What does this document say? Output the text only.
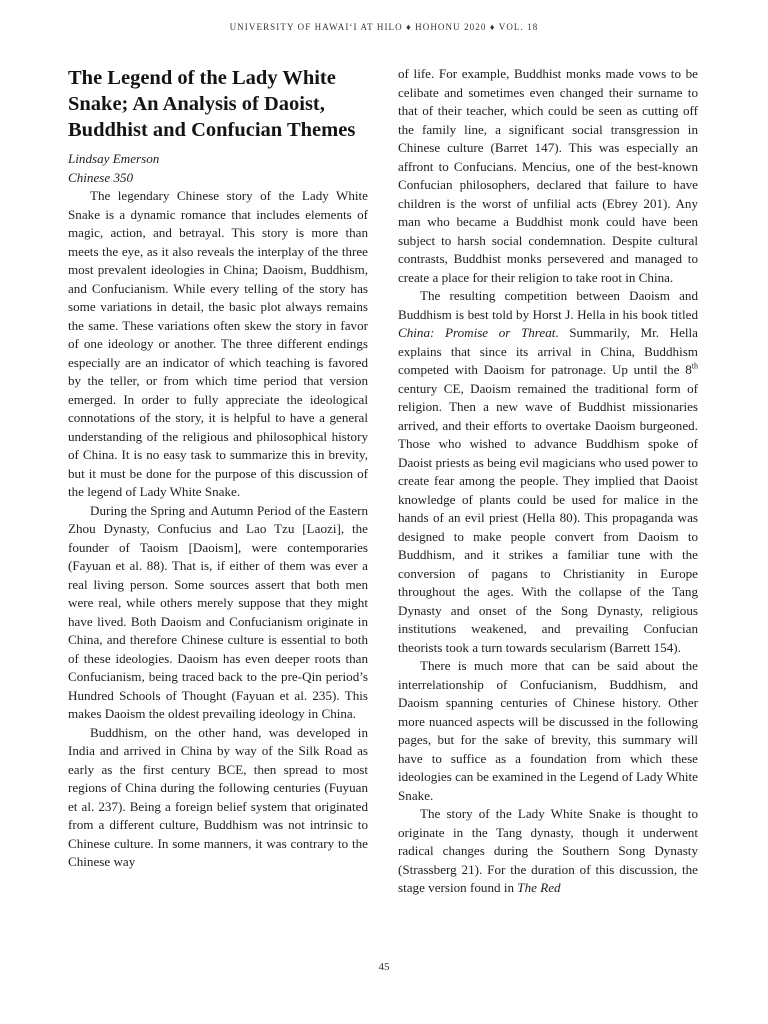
UNIVERSITY OF HAWAI‘I AT HILO ♦ HOHONU 2020 ♦ VOL. 18
The Legend of the Lady White Snake; An Analysis of Daoist, Buddhist and Confucian Themes

Lindsay Emerson

Chinese 350

The legendary Chinese story of the Lady White Snake is a dynamic romance that includes elements of magic, action, and betrayal. This story is more than meets the eye, as it also reveals the interplay of the three most prevalent ideologies in China; Daoism, Buddhism, and Confucianism. While every telling of the story has some variations in detail, the basic plot always remains the same. These variations often skew the story in favor of one ideology or another. The three different endings especially are an indicator of which teaching is favored by the teller, or from which time period that version emerged. In order to fully appreciate the ideological connotations of the story, it is helpful to have a general understanding of the religious and philosophical history of China. It is no easy task to summarize this in brevity, but it must be done for the purpose of this discussion of the legend of Lady White Snake.

During the Spring and Autumn Period of the Eastern Zhou Dynasty, Confucius and Lao Tzu [Laozi], the founder of Taoism [Daoism], were contemporaries (Fayuan et al. 88). That is, if either of them was ever a real living person. Some sources assert that both men were real, while others merely suppose that they might have lived. Both Daoism and Confucianism originate in China, and therefore Chinese culture is essential to both of these ideologies. Daoism has even deeper roots than Confucianism, being traced back to the pre-Qin period’s Hundred Schools of Thought (Fayuan et al. 235). This makes Daoism the oldest prevailing ideology in China.

Buddhism, on the other hand, was developed in India and arrived in China by way of the Silk Road as early as the first century BCE, then spread to most regions of China during the following centuries (Fuyuan et al. 237). Being a foreign belief system that originated from a different culture, Buddhism was not intrinsic to Chinese culture. In some manners, it was contrary to the Chinese way

of life. For example, Buddhist monks made vows to be celibate and sometimes even changed their surname to that of their teacher, which could be seen as cutting off the family line, a significant social transgression in Chinese culture (Barret 147). This was especially an affront to Confucians. Mencius, one of the best-known Confucian philosophers, declared that failure to have children is the worst of unfilial acts (Ebrey 201). Any man who became a Buddhist monk could have been subject to harsh social condemnation. Despite cultural contrasts, Buddhist monks persevered and managed to create a place for their religion to take root in China.

The resulting competition between Daoism and Buddhism is best told by Horst J. Hella in his book titled China: Promise or Threat. Summarily, Mr. Hella explains that since its arrival in China, Buddhism competed with Daoism for patronage. Up until the 8th century CE, Daoism remained the traditional form of religion. Then a new wave of Buddhist missionaries arrived, and their efforts to overtake Daoism burgeoned. Those who wished to advance Buddhism spoke of Daoist priests as being evil magicians who used power to create fear among the people. They implied that Daoist knowledge of plants could be used for malice in the hands of an evil priest (Hella 80). This propaganda was designed to make people convert from Daoism to Buddhism, and it strikes a familiar tune with the conversion of pagans to Christianity in Europe throughout the ages. With the collapse of the Tang Dynasty and onset of the Song Dynasty, religious institutions weakened, and prevailing Confucian theorists took a turn towards secularism (Barrett 154).

There is much more that can be said about the interrelationship of Confucianism, Buddhism, and Daoism spanning centuries of Chinese history. Other more nuanced aspects will be discussed in the following pages, but for the sake of brevity, this summary will have to suffice as a foundation from which these ideologies can be examined in the Legend of Lady White Snake.

The story of the Lady White Snake is thought to originate in the Tang dynasty, though it underwent radical changes during the Southern Song Dynasty (Strassberg 21). For the duration of this discussion, the stage version found in The Red

45
